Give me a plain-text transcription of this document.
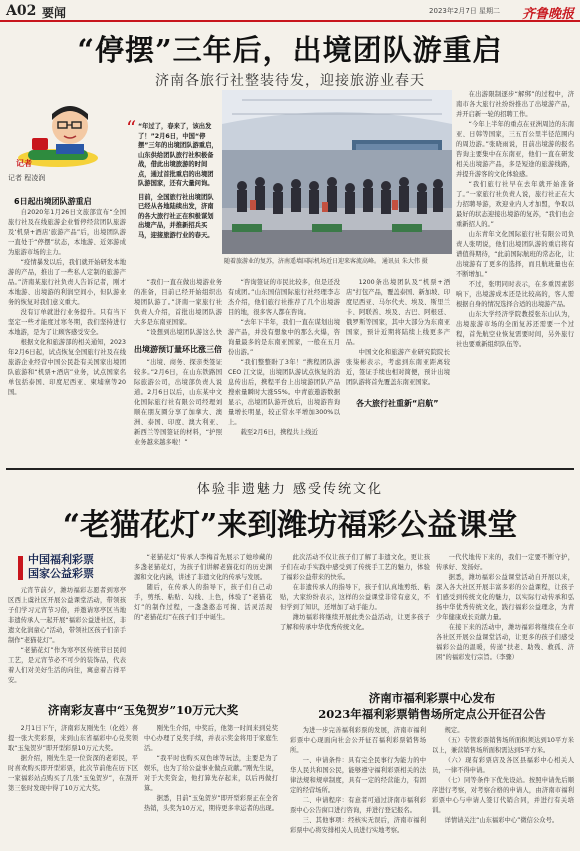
A02 要闻	2023年2月7日 星期二 齐鲁晚报
“停摆”三年后，出境团队游重启
济南各旅行社整装待发，迎接旅游业春天
记者
记者 程凌润
6日起出境团队游重启

自2020年1月26日文旅部宣布“全国旅行社及在线旅游企业暂停经营团队旅游及‘机票+酒店’旅游产品”后，出境团队游一直处于“停摆”状态，本地游、近郊游成为旅游市场的主力。

“疫情暴发以后，我们就开始研发本地游的产品，推出了一些私人定制的旅游产品。”济南某旅行社负责人告诉记者，刚才本地游、出境游的利润空间小，但队游业务的恢复对我们意义重大。

没有订单就进行业务提升。只有当下坚定一些才能度过寒冬期，我们坚持进行本地游，是为了让顾客感受安全。

根据文化和旅游部的相关通知，2023年2月6日起，试点恢复全国旅行社及在线旅游企业经营中国公民赴有关国家出境团队旅游和“机票+酒店”业务，试点国家名单包括泰国、印度尼西亚、柬埔寨等20国。

“ “年过了，春来了，该出发了！”2月6日，中国“停摆”三年的出境团队游重启，山东供给团队旅行社积极备战，借此出境旅游的时间点，通过首批重启的出境团队游国家，还有大量问询。

目前，全国旅行社出境团队已经从各地陆续出发，济南的各大旅行社正在积极谋划出境产品，并推新招兵买马，迎接旅游行业的春天。

随着旅游业的复苏，济南遥墙国际机场近日迎来客流高峰。 通讯员 朱大伟 摄

“我们一直在做出境游业务的准备，目前已经开始组织出境团队游了。”济南一家旅行社负责人介绍，首批出境团队游大多是东南亚国家。

“设想到出境团队游这么快

出境游预订量环比涨三倍

“出境、商务、探亲类签证较多。”2月6日，在山东铁路国际旅游公司，出境部负责人说道。2月6日以后，山东某中文化国际旅行社有限公司经理刘顺在朋友圈分享了加拿大、澳洲、泰国、印度、澳大利亚、新西兰等国签证的材料，“护照业务越来越多啦！”

“咨询签证的市民比较多，但是还没有成团。”山东国信国际旅行社经理李志杰介绍，他们旅行社推荐了几个出境游目的地，很多客人都在咨询。

“去年下半年，我们一直在谋划出境游产品，并没有想象中的那么火爆，咨询量最多的是东南亚国家，一般在五月份出游。”

“我们整整盼了3年！”携程团队游CEO 江文说，出境团队游试点恢复的消息传出后，携程平台上出境游团队产品搜索量瞬时大涨55%。中青旅遨游数据显示，出境团队游开放后，出境游咨询量增长明显，较正常水平增加300%以上。

载至2月6日，携程共上线近

1200条出境团队及“机票+酒店”打包产品，覆盖泰国、新加坡、印度尼西亚、马尔代夫、埃及、斯里兰卡、阿联酋、埃及、古巴、阿根廷、俄罗斯等国家，其中大部分为东南亚国家，预计近期将陆续上线更多产品。

中国文化和旅游产业研究院院长张柒彬表示，考虑到东南亚距离较近，签证手续也相对简便，预计出境团队游将首先覆盖东南亚国家。

各大旅行社重新“启航”

在出游限制逐步“解绑”的过程中，济南市各大旅行社纷纷推出了出境游产品，并开启新一轮的招聘工作。

“今年上半年的重点在亚洲周边的东南亚、日韩等国家，三五百公里半径范围内的周边游。”张晓雨说，目前出境游的报名咨询主要集中在东南亚，他们一直在研发相关出境游产品，多是短途的旅游线路，并提升游客的文化体验感。

“我们旅行社早在去年就开始准备了。”一家旅行社负责人说，旅行社正在大力招聘导游，欢迎业内人才加盟，争取以最好的状态迎接出境游的复苏，“我们也会重新招人的。”

山东青年文化国际旅行社有限公司负责人张明说，他们出境团队游的重启将有谱值得期待，“此前国际航班的常态化，让出境游有了更多的选择，而且航班量也在不断增加。”

不过，张明同时表示，在多重因素影响下，出境游成本还是比较高的，客人需根据自身的情况选择合适的出境游产品。

山东大学经济学院教授张东山认为，出境旅游市场的全面复苏还需要一个过程，首先航空业恢复需要时间，另外旅行社也要重新组织队伍等。

体验非遗魅力 感受传统文化
“老猫花灯”来到潍坊福彩公益课堂
中国福利彩票
国家公益彩票

元宵节前夕，潍坊福彩志愿者到寒亭区西上虞社区开展公益课堂活动，带领孩子们学习元宵节习俗，并邀请寒亭区当地非遗传承人一起开展“福彩公益进社区，非遗文化润童心”活动，带领社区孩子们亲手制作“老猫花灯”。

“老猫花灯”作为寒亭区传统节日民间工艺，是元宵节必不可少的装饰品，代表着人们对美好生活的向往，寓意着吉祥平安。

“老猫花灯”传承人李梅首先展示了她珍藏的多盏老猫花灯，为孩子们讲解老猫花灯的历史渊源和文化内涵，讲述了非遗文化的传承与发展。

随后，在传承人的指导下，孩子们自己动手，剪纸、粘贴、勾线、上色，体验了“老猫花灯”的制作过程，一盏盏憨态可掬、活灵活现的“老猫花灯”在孩子们手中诞生。

此次活动不仅让孩子们了解了非遗文化，更让孩子们在动手实践中感受到了传统手工艺的魅力，体验了福彩公益带来的快乐。

在非遗传承人的指导下，孩子们认真地剪纸、粘贴，大家纷纷表示，这样的公益课堂非常有意义，不但学到了知识，还增加了动手能力。

潍坊福彩将继续开展此类公益活动，让更多孩子了解和传承中华优秀传统文化。

一代代地传下来的，我们一定要不断守护，传承好、发扬好。

据悉，潍坊福彩公益课堂活动自开展以来，深入各大社区开展丰富多彩的公益课程，让孩子们感受到传统文化的魅力，以实际行动传承和弘扬中华优秀传统文化，践行福彩公益理念，为青少年健康成长贡献力量。

在接下来的活动中，潍坊福彩将继续在全市各社区开展公益课堂活动，让更多的孩子们感受福彩公益的温暖，传递“扶老、助残、救孤、济困”的福彩发行宗旨。（李骤）

济南彩友喜中“玉兔贺岁”10万元大奖

2月1日下午，济南彩友刚先生（化姓）喜提一张大奖彩票，来到山东省福彩中心兑奖领取“玉兔贺岁”即开型彩票10万元大奖。

据介绍，刚先生是一位资深的老彩民，平时喜欢购买即开型彩票，此次节前他在历下区一家福彩站点购买了几张“玉兔贺岁”，在刮开第三张时发现中得了10万元大奖。

刚先生介绍，中奖后，他第一时间来到兑奖中心办理了兑奖手续，并表示奖金将用于家庭生活。

“我平时也购买双色球等玩法，主要是为了娱乐，也为了给公益事业做点贡献。”刚先生说，对于大奖资金，他打算先存起来，以后再做打算。

据悉，目前“玉兔贺岁”即开型彩票正在全省热销，头奖为10万元，期待更多幸运者的出现。

济南市福利彩票中心发布
2023年福利彩票销售场所定点公开征召公告

为进一步完善福利彩票的发展，济南市福利彩票中心现面向社会公开征召福利彩票销售场所。

一、申请条件：具有完全民事行为能力的中华人民共和国公民，能够遵守福利彩票相关的法律法规和规章制度，具有一定的经营能力，有固定的经营场所。

二、申请程序：有意者可通过济南市福利彩票中心公告窗口进行咨询，并进行登记报名。

三、其他事项：经核实无误后，济南市福利彩票中心将安排相关人员进行实地考察。

规定。

（五）专管彩票销售场所面积须达到10平方米以上，兼营销售场所面积需达到5平方米。

（六）现有彩票店及各区县福彩中心相关人员，一律不得申请。

（七）同等条件下优先设站。按照申请先后顺序进行考察，对考察合格的申请人，由济南市福利彩票中心与申请人签订代销合同，并进行有关培训。

详情请关注“山东福彩中心”微信公众号。
